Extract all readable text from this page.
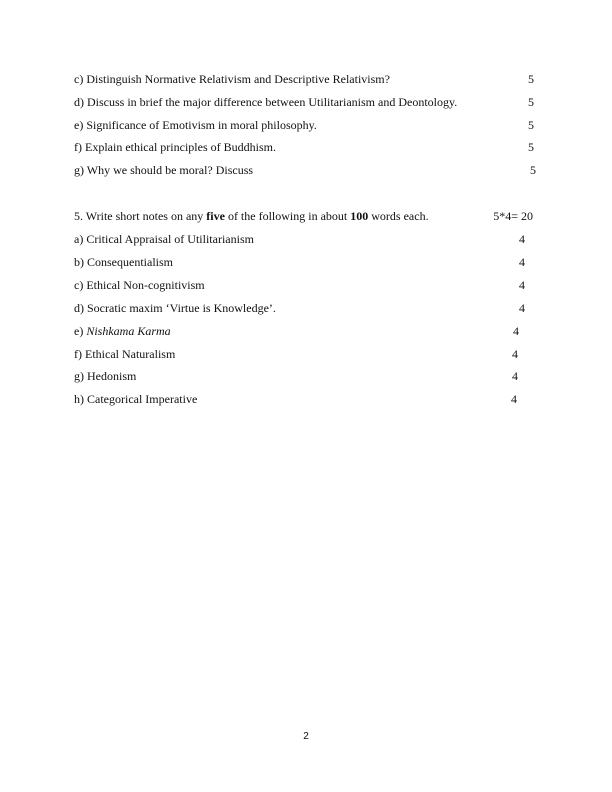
c) Distinguish Normative Relativism and Descriptive Relativism?	5
d) Discuss in brief the major difference between Utilitarianism and Deontology.	5
e) Significance of Emotivism in moral philosophy.	5
f) Explain ethical principles of Buddhism.	5
g) Why we should be moral? Discuss	5
5. Write short notes on any five of the following in about 100 words each.	5*4= 20
a) Critical Appraisal of Utilitarianism	4
b) Consequentialism	4
c) Ethical Non-cognitivism	4
d) Socratic maxim ‘Virtue is Knowledge’.	4
e) Nishkama Karma	4
f) Ethical Naturalism	4
g) Hedonism	4
h) Categorical Imperative	4
2
